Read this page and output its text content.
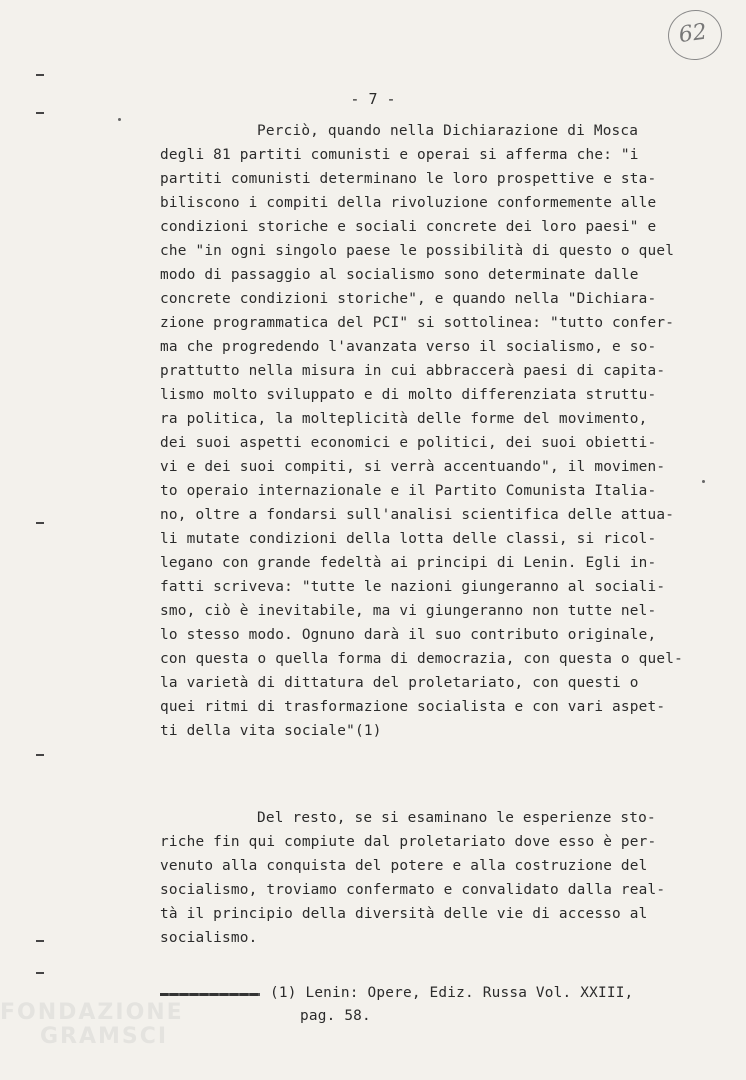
62
- 7 -
Perciò, quando nella Dichiarazione di Mosca
degli 81 partiti comunisti e operai si afferma che: "i
partiti comunisti determinano le loro prospettive e sta-
biliscono i compiti della rivoluzione conformemente alle
condizioni storiche e sociali concrete dei loro paesi" e
che "in ogni singolo paese le possibilità di questo o quel
modo di passaggio al socialismo sono determinate dalle
concrete condizioni storiche", e quando nella "Dichiara-
zione programmatica del PCI" si sottolinea: "tutto confer-
ma che progredendo l'avanzata verso il socialismo, e so-
prattutto nella misura in cui abbraccerà paesi di capita-
lismo molto sviluppato e di molto differenziata struttu-
ra politica, la molteplicità delle forme del movimento,
dei suoi aspetti economici e politici, dei suoi obietti-
vi e dei suoi compiti, si verrà accentuando", il movimen-
to operaio internazionale e il Partito Comunista Italia-
no, oltre a fondarsi sull'analisi scientifica delle attua-
li mutate condizioni della lotta delle classi, si ricol-
legano con grande fedeltà ai principi di Lenin. Egli in-
fatti scriveva: "tutte le nazioni giungeranno al sociali-
smo, ciò è inevitabile, ma vi giungeranno non tutte nel-
lo stesso modo. Ognuno darà il suo contributo originale,
con questa o quella forma di democrazia, con questa o quel-
la varietà di dittatura del proletariato, con questi o
quei ritmi di trasformazione socialista e con vari aspet-
ti della vita sociale"(1)
Del resto, se si esaminano le esperienze sto-
riche fin qui compiute dal proletariato dove esso è per-
venuto alla conquista del potere e alla costruzione del
socialismo, troviamo confermato e convalidato dalla real-
tà il principio della diversità delle vie di accesso al
socialismo.
(1) Lenin: Opere, Ediz. Russa Vol. XXIII,
pag. 58.
FONDAZIONE
GRAMSCI
